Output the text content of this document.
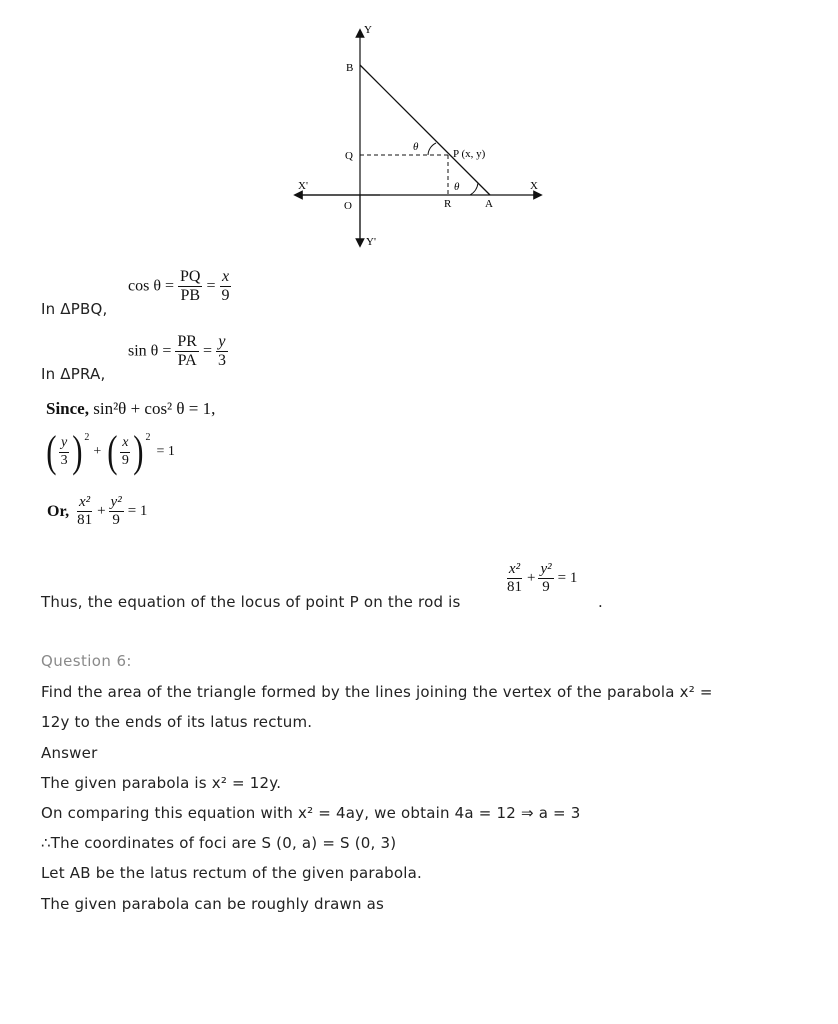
Y
B
Q
θ
P (x, y)
X'	X
O
θ
R	A
Y'
In ΔPBQ,
$\cos \theta = \frac{PQ}{PB} = \frac{x}{9}$
In ΔPRA,
$\sin \theta = \frac{PR}{PA} = \frac{y}{3}$
Since, sin²θ + cos² θ = 1,
( $\frac{y}{3} )^2$
+ ( $\frac{x}{9} )^2$
= 1
Or, $\frac{\text{x²}}{81} + \frac{\text{y²}}{9} = 1$
Thus, the equation of the locus of point P on the rod is
$\frac{\text{x²}}{81} + \frac{\text{y²}}{9} = 1$
.
Question 6:
Find the area of the triangle formed by the lines joining the vertex of the parabola x² =
12y to the ends of its latus rectum.
Answer
The given parabola is x² = 12y.
On comparing this equation with x² = 4ay, we obtain 4a = 12 ⇒ a = 3
∴The coordinates of foci are S (0, a) = S (0, 3)
Let AB be the latus rectum of the given parabola.
The given parabola can be roughly drawn as
